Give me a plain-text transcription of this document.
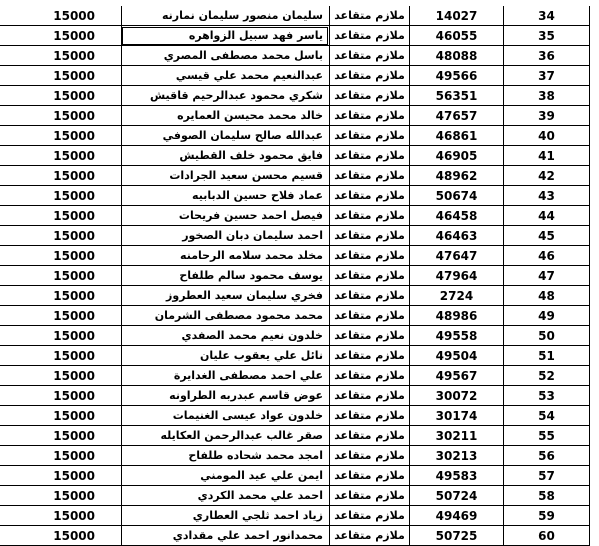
34
14027
ملازم متقاعد
سليمان منصور سليمان نمارنه
15000
35
46055
ملازم متقاعد
ياسر فهد سبيل الزواهره
15000
36
48088
ملازم متقاعد
باسل محمد مصطفى المصري
15000
37
49566
ملازم متقاعد
عبدالنعيم محمد علي قيسي
15000
38
56351
ملازم متقاعد
شكري محمود عبدالرحيم قاقيش
15000
39
47657
ملازم متقاعد
خالد محمد محيسن العمايره
15000
40
46861
ملازم متقاعد
عبدالله صالح سليمان الصوفي
15000
41
46905
ملازم متقاعد
فايق محمود خلف القطيش
15000
42
48962
ملازم متقاعد
قسيم محسن سعيد الجرادات
15000
43
50674
ملازم متقاعد
عماد فلاح حسين الدبابيه
15000
44
46458
ملازم متقاعد
فيصل احمد حسين فريحات
15000
45
46463
ملازم متقاعد
احمد سليمان دبان الصخور
15000
46
47647
ملازم متقاعد
مخلد محمد سلامه الرحامنه
15000
47
47964
ملازم متقاعد
يوسف محمود سالم طلفاح
15000
48
2724
ملازم متقاعد
فخري سليمان سعيد العطروز
15000
49
48986
ملازم متقاعد
محمد محمود مصطفى الشرمان
15000
50
49558
ملازم متقاعد
خلدون نعيم محمد الصفدي
15000
51
49504
ملازم متقاعد
نائل علي يعقوب عليان
15000
52
49567
ملازم متقاعد
علي احمد مصطفى الغدايرة
15000
53
30072
ملازم متقاعد
عوض قاسم عبدربه الطراونه
15000
54
30174
ملازم متقاعد
خلدون عواد عيسى الغنيمات
15000
55
30211
ملازم متقاعد
صقر غالب عبدالرحمن العكايله
15000
56
30213
ملازم متقاعد
امجد محمد شحاده طلفاح
15000
57
49583
ملازم متقاعد
ايمن علي عيد المومني
15000
58
50724
ملازم متقاعد
احمد علي محمد الكردي
15000
59
49469
ملازم متقاعد
زياد احمد ثلجي العطاري
15000
60
50725
ملازم متقاعد
محمدانور احمد علي مقدادي
15000
